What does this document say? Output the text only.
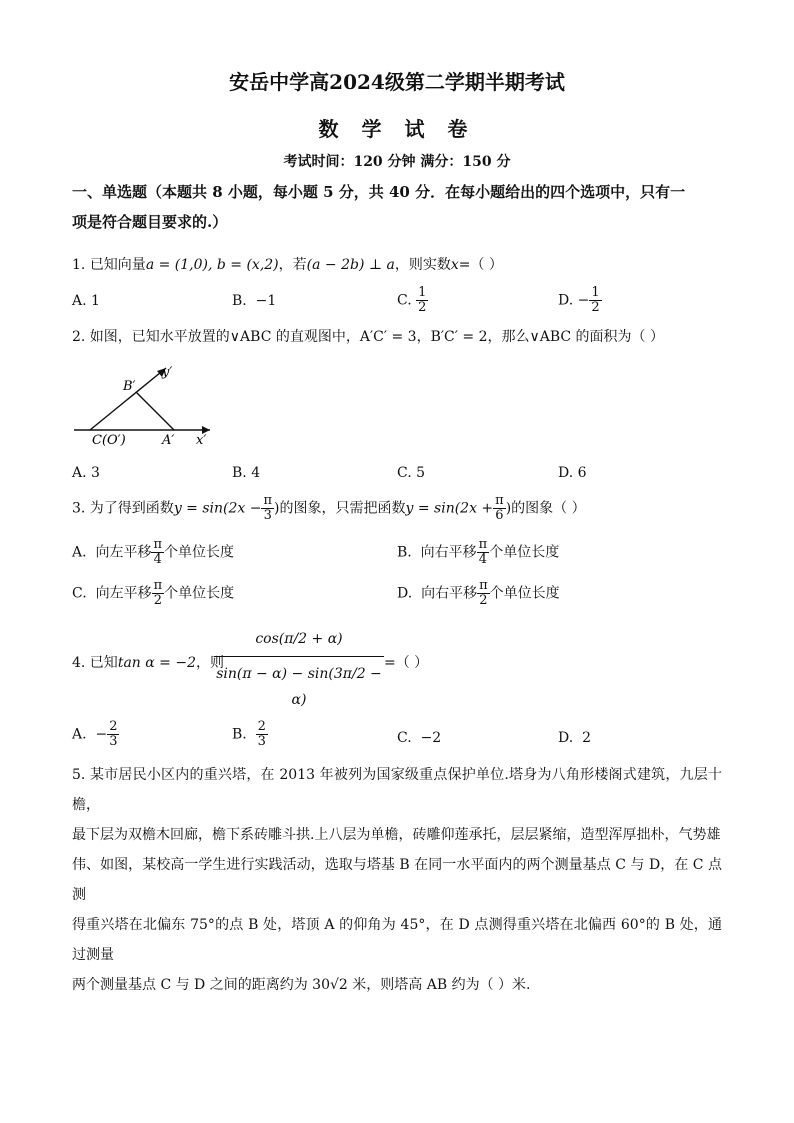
安岳中学高2024级第二学期半期考试
数 学 试 卷
考试时间：120 分钟 满分：150 分
一、单选题（本题共 8 小题，每小题 5 分，共 40 分．在每小题给出的四个选项中，只有一
项是符合题目要求的.）
1. 已知向量a = (1,0), b = (x,2)，若(a − 2b) ⊥ a，则实数x=（ ）
A. 1	B. −1	C. $\frac{1}{2}$	D. − $\frac{1}{2}$
2. 如图，已知水平放置的∨ABC 的直观图中，A′C′ = 3，B′C′ = 2，那么∨ABC 的面积为（ ）
B′
y′
C(O′)	A′ x′
A. 3	B. 4	C. 5	D. 6
3. 为了得到函数$y = \sin(2x - \frac{\pi}{3}$ )的图象，只需把函数$y = \sin(2x + \frac{\pi}{6}$ )的图象（ ）
A. 向左平移 $\frac{\pi}{4}$ 个单位长度	B. 向右平移 $\frac{\pi}{4}$ 个单位长度
C. 向左平移 $\frac{\pi}{2}$ 个单位长度	D. 向右平移 $\frac{\pi}{2}$ 个单位长度
4. 已知tan α = −2，则
cos(π/2 + α)
sin(π − α) − sin(3π/2 − α)
=（ ）
A. − $\frac{2}{3}$	B. $\frac{2}{3}$	C. −2	D. 2
5. 某市居民小区内的重兴塔，在 2013 年被列为国家级重点保护单位.塔身为八角形楼阁式建筑，九层十檐，
最下层为双檐木回廊，檐下系砖雕斗拱.上八层为单檐，砖雕仰莲承托，层层紧缩，造型浑厚拙朴，气势雄
伟、如图，某校高一学生进行实践活动，选取与塔基 B 在同一水平面内的两个测量基点 C 与 D，在 C 点测
得重兴塔在北偏东 75°的点 B 处，塔顶 A 的仰角为 45°，在 D 点测得重兴塔在北偏西 60°的 B 处，通过测量
两个测量基点 C 与 D 之间的距离约为 30√2 米，则塔高 AB 约为（ ）米.
